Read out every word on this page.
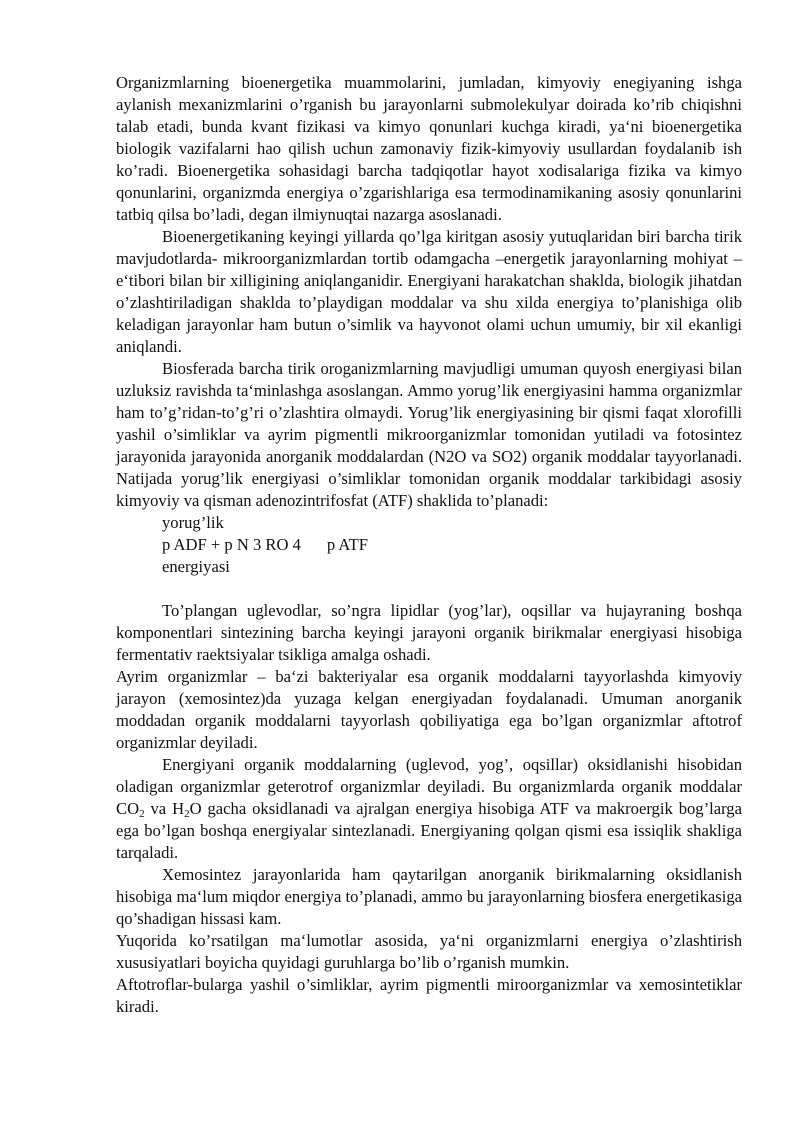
Organizmlarning bioenergetika muammolarini, jumladan, kimyoviy enegiyaning ishga aylanish mexanizmlarini o’rganish bu jarayonlarni submolekulyar doirada ko’rib chiqishni talab etadi, bunda kvant fizikasi va kimyo qonunlari kuchga kiradi, ya‘ni bioenergetika biologik vazifalarni hao qilish uchun zamonaviy fizik-kimyoviy usullardan foydalanib ish ko’radi. Bioenergetika sohasidagi barcha tadqiqotlar hayot xodisalariga fizika va kimyo qonunlarini, organizmda energiya o’zgarishlariga esa termodinamikaning asosiy qonunlarini tatbiq qilsa bo’ladi, degan ilmiynuqtai nazarga asoslanadi.

Bioenergetikaning keyingi yillarda qo’lga kiritgan asosiy yutuqlaridan biri barcha tirik mavjudotlarda- mikroorganizmlardan tortib odamgacha –energetik jarayonlarning mohiyat – e‘tibori bilan bir xilligining aniqlanganidir. Energiyani harakatchan shaklda, biologik jihatdan o’zlashtiriladigan shaklda to’playdigan moddalar va shu xilda energiya to’planishiga olib keladigan jarayonlar ham butun o’simlik va hayvonot olami uchun umumiy, bir xil ekanligi aniqlandi.

Biosferada barcha tirik oroganizmlarning mavjudligi umuman quyosh energiyasi bilan uzluksiz ravishda ta‘minlashga asoslangan. Ammo yorug’lik energiyasini hamma organizmlar ham to’g’ridan-to’g’ri o’zlashtira olmaydi. Yorug’lik energiyasining bir qismi faqat xlorofilli yashil o’simliklar va ayrim pigmentli mikroorganizmlar tomonidan yutiladi va fotosintez jarayonida jarayonida anorganik moddalardan (N2O va SO2) organik moddalar tayyorlanadi. Natijada yorug’lik energiyasi o’simliklar tomonidan organik moddalar tarkibidagi asosiy kimyoviy va qisman adenozintrifosfat (ATF) shaklida to’planadi:

yorug’lik

p ADF + p N 3 RO 4 p ATF

energiyasi

To’plangan uglevodlar, so’ngra lipidlar (yog’lar), oqsillar va hujayraning boshqa komponentlari sintezining barcha keyingi jarayoni organik birikmalar energiyasi hisobiga fermentativ raektsiyalar tsikliga amalga oshadi.

Ayrim organizmlar – ba‘zi bakteriyalar esa organik moddalarni tayyorlashda kimyoviy jarayon (xemosintez)da yuzaga kelgan energiyadan foydalanadi. Umuman anorganik moddadan organik moddalarni tayyorlash qobiliyatiga ega bo’lgan organizmlar aftotrof organizmlar deyiladi.

Energiyani organik moddalarning (uglevod, yog’, oqsillar) oksidlanishi hisobidan oladigan organizmlar geterotrof organizmlar deyiladi. Bu organizmlarda organik moddalar $CO_2$ va $H_2O$ gacha oksidlanadi va ajralgan energiya hisobiga ATF va makroergik bog’larga ega bo’lgan boshqa energiyalar sintezlanadi. Energiyaning qolgan qismi esa issiqlik shakliga tarqaladi.

Xemosintez jarayonlarida ham qaytarilgan anorganik birikmalarning oksidlanish hisobiga ma‘lum miqdor energiya to’planadi, ammo bu jarayonlarning biosfera energetikasiga qo’shadigan hissasi kam.

Yuqorida ko’rsatilgan ma‘lumotlar asosida, ya‘ni organizmlarni energiya o’zlashtirish xususiyatlari boyicha quyidagi guruhlarga bo’lib o’rganish mumkin.

Aftotroflar-bularga yashil o’simliklar, ayrim pigmentli miroorganizmlar va xemosintetiklar kiradi.
